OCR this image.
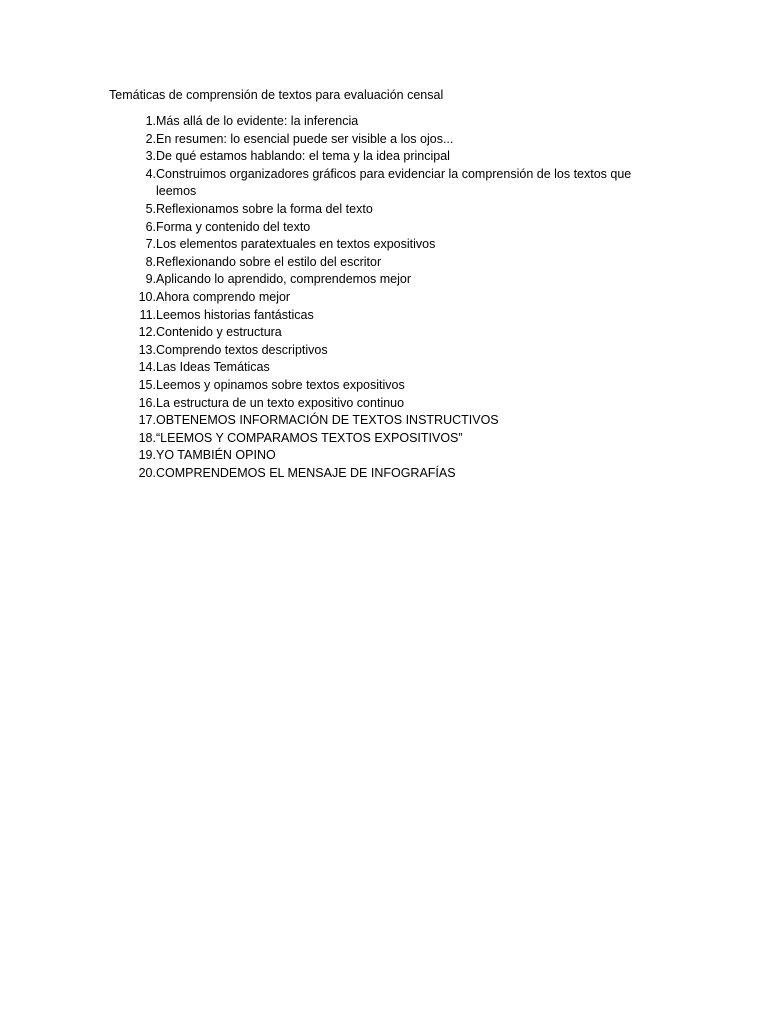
Temáticas de comprensión de textos para evaluación censal
1. Más allá de lo evidente: la inferencia
2. En resumen: lo esencial puede ser visible a los ojos...
3. De qué estamos hablando: el tema y la idea principal
4. Construimos organizadores gráficos para evidenciar la comprensión de los textos que leemos
5. Reflexionamos sobre la forma del texto
6. Forma y contenido del texto
7. Los elementos paratextuales en textos expositivos
8. Reflexionando sobre el estilo del escritor
9. Aplicando lo aprendido, comprendemos mejor
10. Ahora comprendo mejor
11. Leemos historias fantásticas
12. Contenido y estructura
13. Comprendo textos descriptivos
14. Las Ideas Temáticas
15. Leemos y opinamos sobre textos expositivos
16. La estructura de un texto expositivo continuo
17. OBTENEMOS INFORMACIÓN DE TEXTOS INSTRUCTIVOS
18. “LEEMOS Y COMPARAMOS TEXTOS EXPOSITIVOS”
19. YO TAMBIÉN OPINO
20. COMPRENDEMOS EL MENSAJE DE INFOGRAFÍAS
